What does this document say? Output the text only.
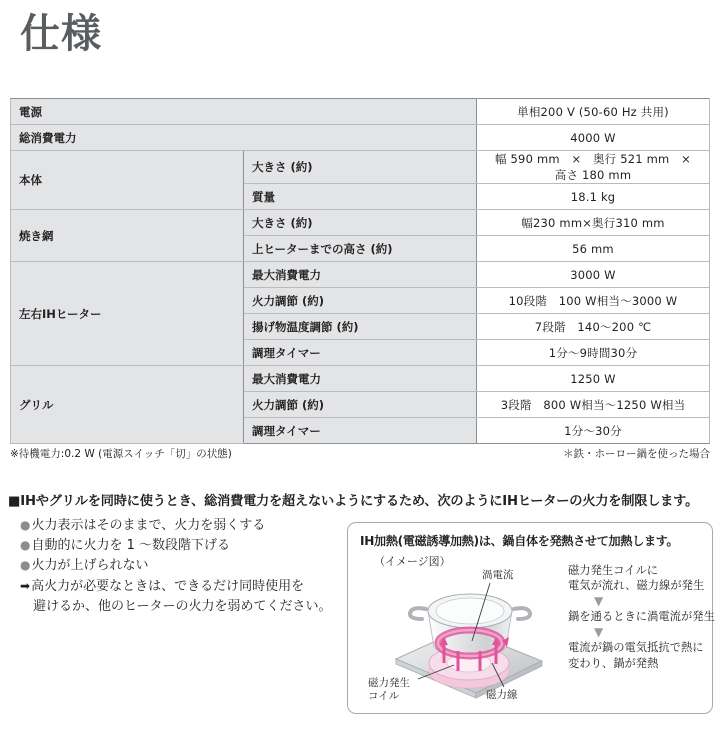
仕様
電源		単相200 V (50-60 Hz 共用)
総消費電力		4000 W
本体	大きさ (約)	幅 590 mm　×　奥行 521 mm　×　高さ 180 mm
	質量	18.1 kg
焼き網	大きさ (約)	幅230 mm×奥行310 mm
	上ヒーターまでの高さ (約)	56 mm
左右IHヒーター	最大消費電力	3000 W
	火力調節 (約)	10段階　100 W相当〜3000 W
	揚げ物温度調節 (約)	7段階　140〜200 ℃
	調理タイマー	1分〜9時間30分
グリル	最大消費電力	1250 W
	火力調節 (約)	3段階　800 W相当〜1250 W相当
	調理タイマー	1分〜30分
※待機電力:0.2 W (電源スイッチ「切」の状態)	＊鉄・ホーロー鍋を使った場合
■IHやグリルを同時に使うとき、総消費電力を超えないようにするため、次のようにIHヒーターの火力を制限します。
● 火力表示はそのままで、火力を弱くする
● 自動的に火力を 1 〜数段階下げる
● 火力が上げられない
➡ 高火力が必要なときは、できるだけ同時使用を
避けるか、他のヒーターの火力を弱めてください。
IH加熱(電磁誘導加熱)は、鍋自体を発熱させて加熱します。
（イメージ図）
渦電流
磁力発生
コイル	磁力線
磁力発生コイルに
電気が流れ、磁力線が発生
▼
鍋を通るときに渦電流が発生
▼
電流が鍋の電気抵抗で熱に
変わり、鍋が発熱
